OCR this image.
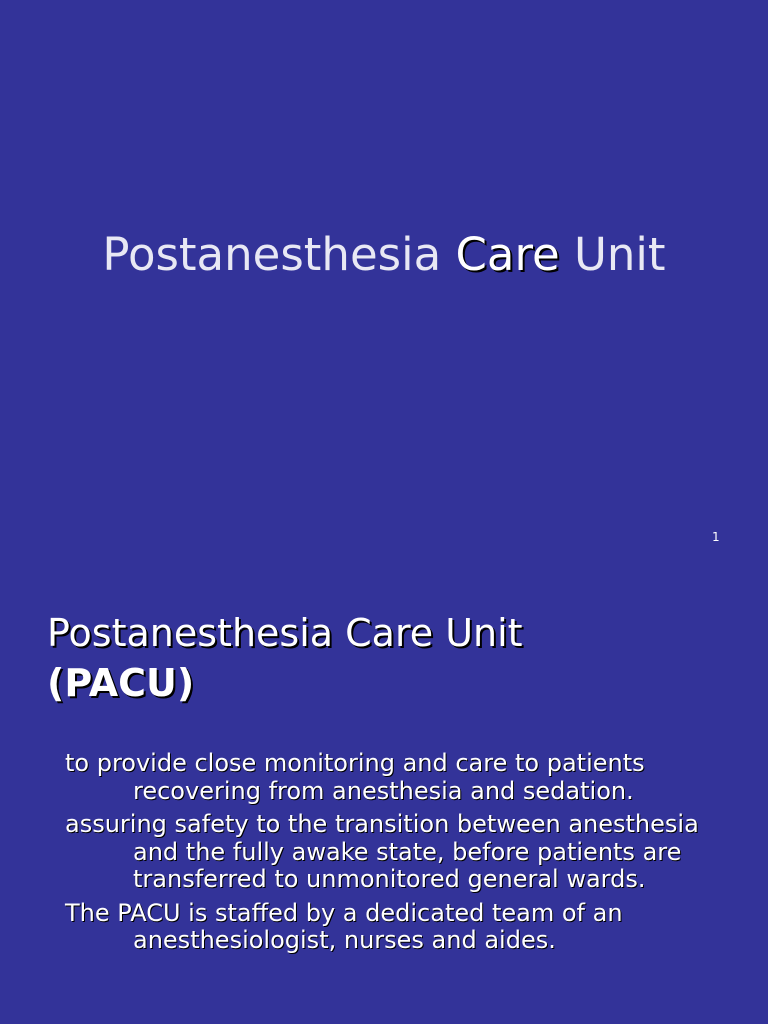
Postanesthesia Care Unit
1
Postanesthesia Care Unit
(PACU)
to provide close monitoring and care to patients recovering from anesthesia and sedation.
assuring safety to the transition between anesthesia and the fully awake state, before patients are transferred to unmonitored general wards.
The PACU is staffed by a dedicated team of an anesthesiologist, nurses and aides.
